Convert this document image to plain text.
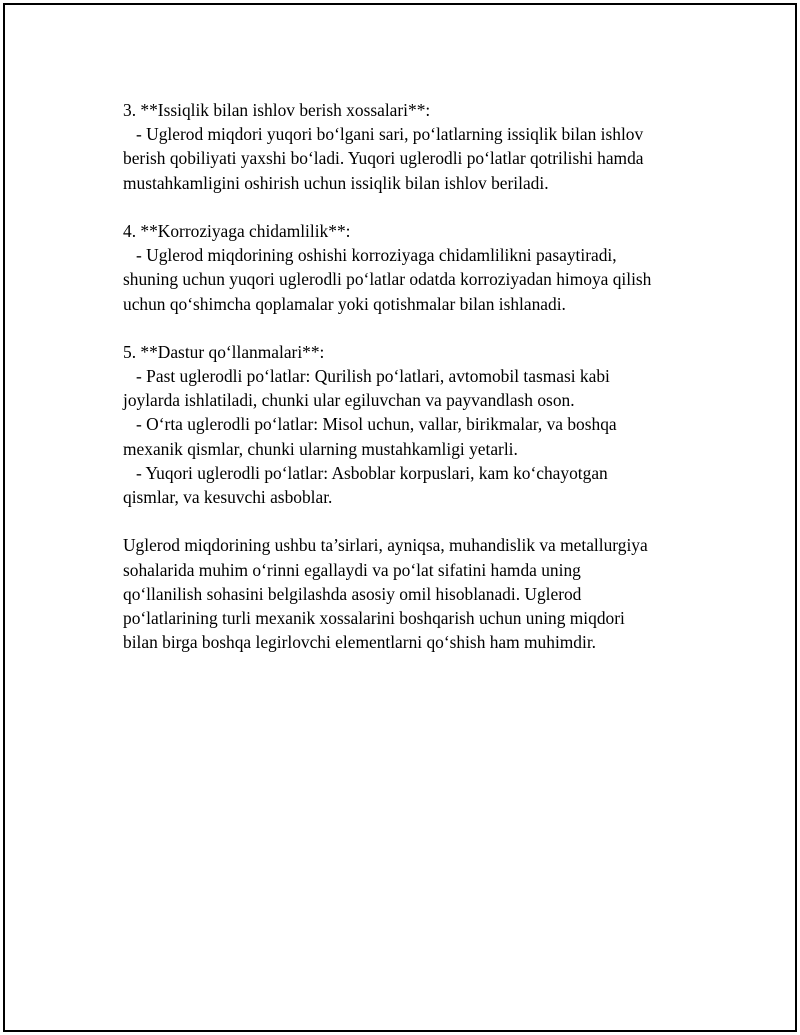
3. **Issiqlik bilan ishlov berish xossalari**:
- Uglerod miqdori yuqori bo‘lgani sari, po‘latlarning issiqlik bilan ishlov
berish qobiliyati yaxshi bo‘ladi. Yuqori uglerodli po‘latlar qotrilishi hamda
mustahkamligini oshirish uchun issiqlik bilan ishlov beriladi.
4. **Korroziyaga chidamlilik**:
- Uglerod miqdorining oshishi korroziyaga chidamlilikni pasaytiradi,
shuning uchun yuqori uglerodli po‘latlar odatda korroziyadan himoya qilish
uchun qo‘shimcha qoplamalar yoki qotishmalar bilan ishlanadi.
5. **Dastur qo‘llanmalari**:
- Past uglerodli po‘latlar: Qurilish po‘latlari, avtomobil tasmasi kabi
joylarda ishlatiladi, chunki ular egiluvchan va payvandlash oson.
- O‘rta uglerodli po‘latlar: Misol uchun, vallar, birikmalar, va boshqa
mexanik qismlar, chunki ularning mustahkamligi yetarli.
- Yuqori uglerodli po‘latlar: Asboblar korpuslari, kam ko‘chayotgan
qismlar, va kesuvchi asboblar.
Uglerod miqdorining ushbu ta’sirlari, ayniqsa, muhandislik va metallurgiya
sohalarida muhim o‘rinni egallaydi va po‘lat sifatini hamda uning
qo‘llanilish sohasini belgilashda asosiy omil hisoblanadi. Uglerod
po‘latlarining turli mexanik xossalarini boshqarish uchun uning miqdori
bilan birga boshqa legirlovchi elementlarni qo‘shish ham muhimdir.
